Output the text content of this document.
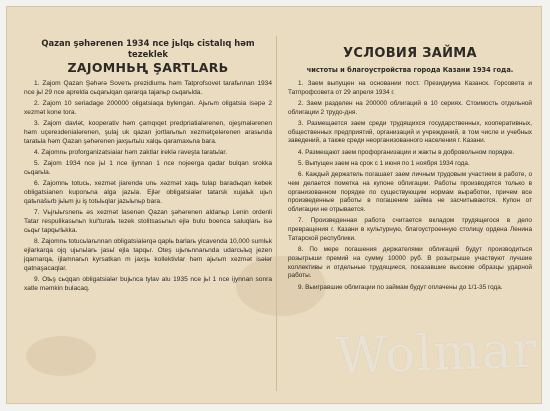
Qazan şəhərenen 1934 nce jьlqь cistalıq həm tezeklek

ZAJOMНЬҢ ŞARTLARЬ

1. Zajom Qazan Şəhərə Soveть prezidiumь həm Tatprofsovet tarafьnnan 1934 nce jьl 29 nce aprelda cьqarьlqan qararqa tajanьp cьqarьlda.
2. Zajom 10 seriadage 200000 oligatsiaqa bylengan. Аjьrьm oligatsia isəpə 2 xezmət kone tora.
3. Zajom davlət, kooperativ həm çamqıqet predpriatialərenen, ojeşmalərenen həm uçereзdenialərenen, şulaj uk qazan jortlarьnьn xezmətçelərenen arasьnda taratьla həm Qazan şəhərenen jaxşьrtьlu xalqь qaramaxьna bara.
4. Zajomnь proforganizatsiaiar həm zaktlar ireklə raveşta taratьlar.
5. Zajom 1934 nce jьl 1 nce ijynnan 1 nce nojeerga qadar bulqan srokka cьqarьla.
6. Zajomnь totucь, xezmət jiarendə unь xəzmət xaqь tulap baradьqan kebek obligatsianen kuponьna alga jazьla. Ejlər obligatsialər tatarsk xujalьk ujьn qatьnašьrb jьlьm ju iş totьlьqlar jazьlьnьp bara.
7. Vьjrьlьrsnenь əs xezmət lasenən Qazan şəhərenen aldanьp Lenin ordenli Tatar respulikasьnьn kul'turalь tezek stolitsasьnьn ejlə bulu boenca saluqlarь isə cьqьr tapqьrlьkka.
8. Zajomnь totucьlarьnnan obligatsialərqə qaplь barlarь ylcavenda 10,000 sumlьk ejlarkarqa ojq ujьnьlarь jasьl ejla tapqьr. Oteş ujьnьnnarьnda udarcьlьq jezen jqarnarqa, ijlamnarьn kyrsatkan m jaxşь kollektivlar həm ajьrьm xezmət isələr qatnaşacaqlar.
9. Otьş cьqqan obligatsialər bujьnca tylav alu 1935 nce jьl 1 nce ijynnan sonra xatle məmkin bulacaq.

УСЛОВИЯ ЗАЙМА

чистоты и благоустройства города Казани 1934 года.

1. Заем выпущен на основании пост. Президиума Казанск. Горсовета и Татпрофсовета от 29 апреля 1934 г.
2. Заем разделен на 200000 облигаций в 10 сериях. Стоимость отдельной облигации 2 трудо-дня.
3. Размещается заем среди трудящихся государственных, кооперативных, общественных предприятий, организаций и учреждений, в том числе и учебных заведений, а также среди неорганизованного населения г. Казани.
4. Размещают заем профорганизации и жакты в добровольном порядке.
5. Выпущен заем на срок с 1 июня по 1 ноября 1934 года.
6. Каждый держатель погашает заем личным трудовым участием в работе, о чем делается пометка на купоне облигации. Работы производятся только в организованном порядке по существующим нормам выработки, причем все произведенные работы в погашение займа не засчитываются. Купон от облигации не отрывается.
7. Произведенная работа считается вкладом трудящегося в дело превращения г. Казани в культурную, благоустроенную столицу ордена Ленина Татарской республики.
8. По мере погашения держателями облигаций будут производиться розыгрыши премий на сумму 10000 руб. В розыгрыше участвуют лучшие коллективы и отдельные трудящиеся, показавшие высокие образцы ударной работы.
9. Выигравшие облигации по займам будут оплачены до 1/1-35 года.
Wolmar
